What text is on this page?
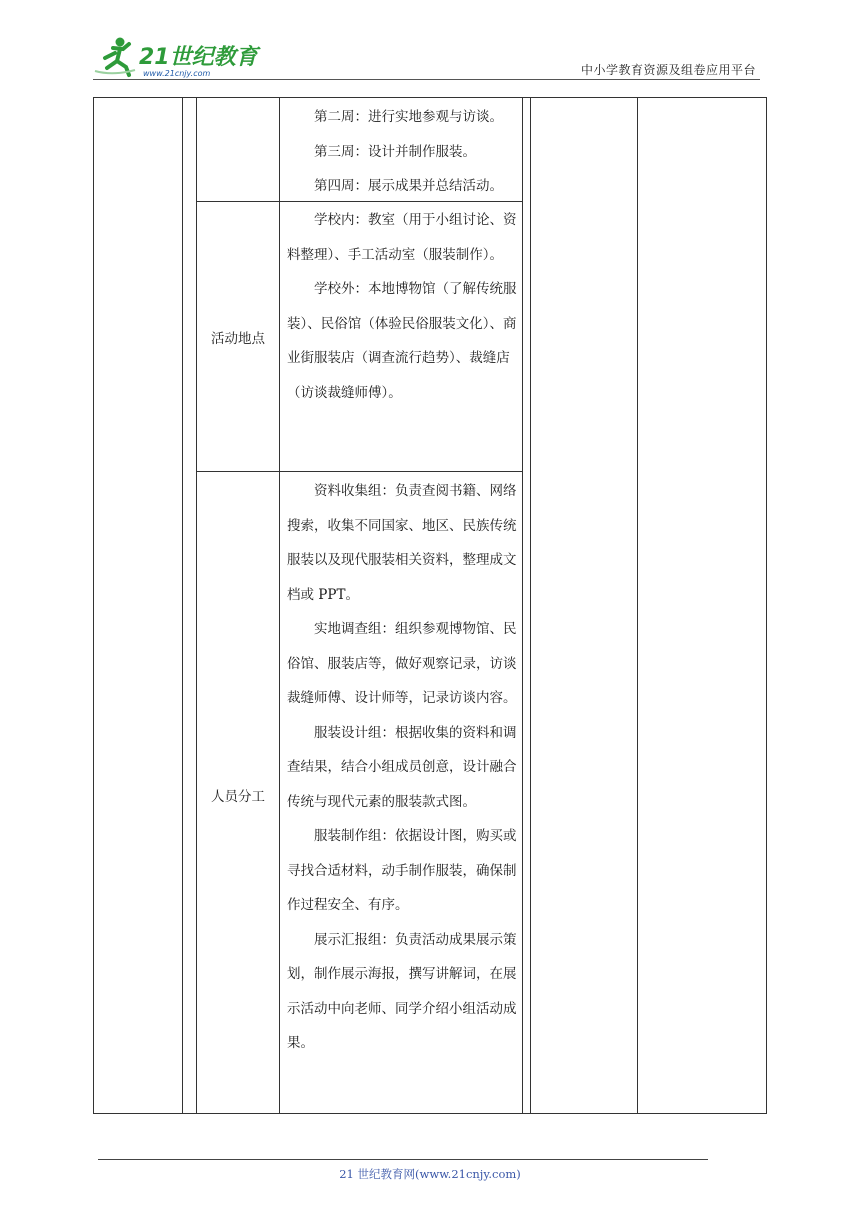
21世纪教育
www.21cnjy.com	中小学教育资源及组卷应用平台

第二周：进行实地参观与访谈。

第三周：设计并制作服装。

第四周：展示成果并总结活动。

活动地点

学校内：教室（用于小组讨论、资料整理）、手工活动室（服装制作）。

学校外：本地博物馆（了解传统服装）、民俗馆（体验民俗服装文化）、商业街服装店（调查流行趋势）、裁缝店（访谈裁缝师傅）。

人员分工

资料收集组：负责查阅书籍、网络搜索，收集不同国家、地区、民族传统服装以及现代服装相关资料，整理成文档或 PPT。

实地调查组：组织参观博物馆、民俗馆、服装店等，做好观察记录，访谈裁缝师傅、设计师等，记录访谈内容。

服装设计组：根据收集的资料和调查结果，结合小组成员创意，设计融合传统与现代元素的服装款式图。

服装制作组：依据设计图，购买或寻找合适材料，动手制作服装，确保制作过程安全、有序。

展示汇报组：负责活动成果展示策划，制作展示海报，撰写讲解词，在展示活动中向老师、同学介绍小组活动成果。

21 世纪教育网(www.21cnjy.com)
